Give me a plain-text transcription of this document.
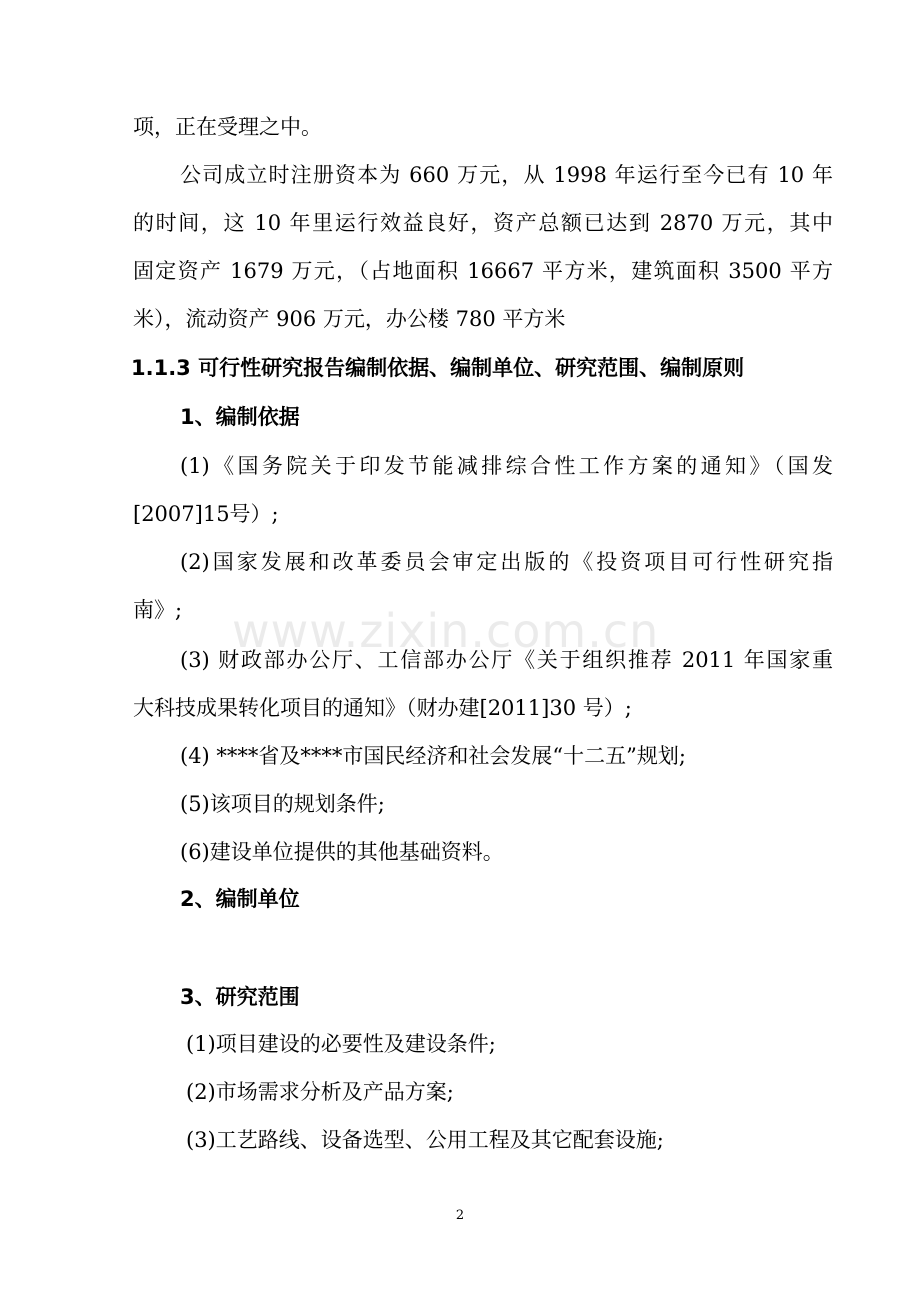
项，正在受理之中。
公司成立时注册资本为 660 万元，从 1998 年运行至今已有 10 年
的时间，这 10 年里运行效益良好，资产总额已达到 2870 万元，其中
固定资产 1679 万元，（占地面积 16667 平方米，建筑面积 3500 平方
米），流动资产 906 万元，办公楼 780 平方米
1.1.3 可行性研究报告编制依据、编制单位、研究范围、编制原则
1、编制依据
(1)《国务院关于印发节能减排综合性工作方案的通知》（国发
[2007]15号）;
(2)国家发展和改革委员会审定出版的《投资项目可行性研究指
南》;
(3) 财政部办公厅、工信部办公厅《关于组织推荐 2011 年国家重
大科技成果转化项目的通知》（财办建[2011]30 号）;
(4) ****省及****市国民经济和社会发展“十二五”规划;
(5)该项目的规划条件;
(6)建设单位提供的其他基础资料。
2、编制单位
3、研究范围
(1)项目建设的必要性及建设条件;
(2)市场需求分析及产品方案;
(3)工艺路线、设备选型、公用工程及其它配套设施;
www.zixin.com.cn
2
